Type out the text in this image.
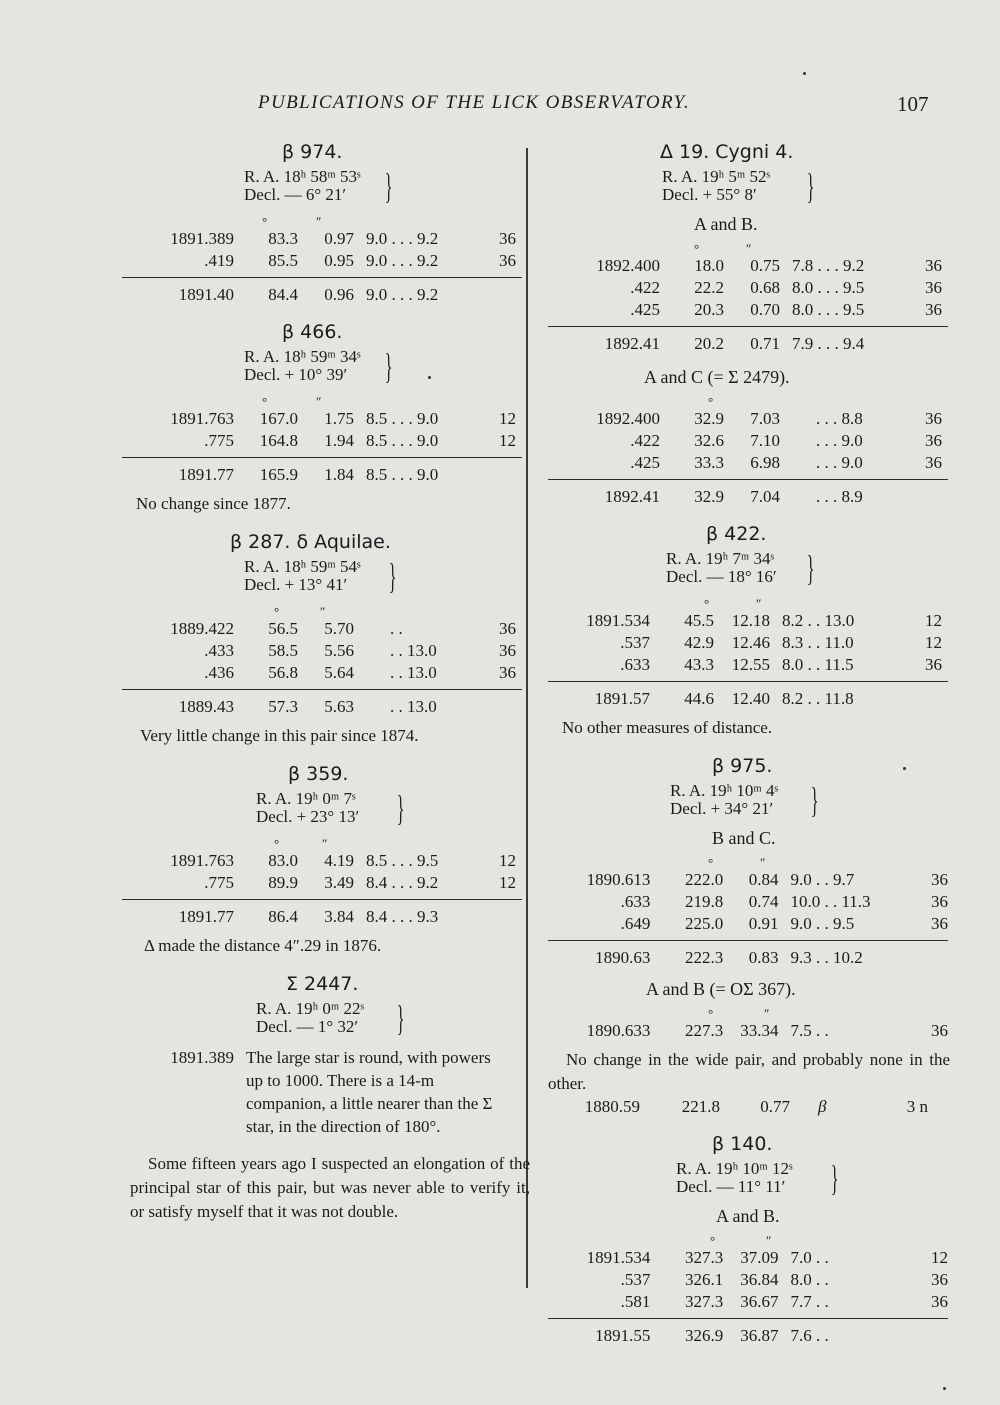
PUBLICATIONS OF THE LICK OBSERVATORY.	107
β 974.
R. A. 18ʰ 58ᵐ 53ˢ
Decl. — 6° 21′	}
°	″
1891.389	83.3	0.97 9.0 . . . 9.2	36
.419	85.5	0.95 9.0 . . . 9.2	36
1891.40	84.4	0.96 9.0 . . . 9.2
β 466.
R. A. 18ʰ 59ᵐ 34ˢ
Decl. + 10° 39′	}
°	″
1891.763	167.0	1.75 8.5 . . . 9.0	12
.775	164.8	1.94 8.5 . . . 9.0	12
1891.77	165.9	1.84 8.5 . . . 9.0
No change since 1877.
β 287. δ Aquilae.
R. A. 18ʰ 59ᵐ 54ˢ
Decl. + 13° 41′	}
°	″
1889.422	56.5	5.70	. .	36
.433	58.5	5.56	. . 13.0	36
.436	56.8	5.64	. . 13.0	36
1889.43	57.3	5.63	. . 13.0
Very little change in this pair since 1874.
β 359.
R. A. 19ʰ 0ᵐ 7ˢ
Decl. + 23° 13′	}
°	″
1891.763	83.0	4.19 8.5 . . . 9.5	12
.775	89.9	3.49 8.4 . . . 9.2	12
1891.77	86.4	3.84 8.4 . . . 9.3
Δ made the distance 4″.29 in 1876.
Σ 2447.
R. A. 19ʰ 0ᵐ 22ˢ
Decl. — 1° 32′	}
1891.389 The large star is round, with powers up to 1000. There is a 14-m companion, a little nearer than the Σ star, in the direction of 180°.
Some fifteen years ago I suspected an elongation of the principal star of this pair, but was never able to verify it, or satisfy myself that it was not double.
Δ 19. Cygni 4.
R. A. 19ʰ 5ᵐ 52ˢ
Decl. + 55° 8′	}
A and B.
°	″
1892.400	18.0	0.75 7.8 . . . 9.2	36
.422	22.2	0.68 8.0 . . . 9.5	36
.425	20.3	0.70 8.0 . . . 9.5	36
1892.41	20.2	0.71 7.9 . . . 9.4
A and C (= Σ 2479).
°
1892.400	32.9	7.03	. . . 8.8	36
.422	32.6	7.10	. . . 9.0	36
.425	33.3	6.98	. . . 9.0	36
1892.41	32.9	7.04	. . . 8.9
β 422.
R. A. 19ʰ 7ᵐ 34ˢ
Decl. — 18° 16′ }
°	″
1891.534	45.5	12.18 8.2 . . 13.0	12
.537	42.9	12.46 8.3 . . 11.0	12
.633	43.3	12.55 8.0 . . 11.5	36
1891.57	44.6	12.40 8.2 . . 11.8
No other measures of distance.
β 975.
R. A. 19ʰ 10ᵐ 4ˢ
Decl. + 34° 21′	}
B and C.
°	″
1890.613	222.0	0.84 9.0 . . 9.7	36
.633	219.8	0.74 10.0 . . 11.3	36
.649	225.0	0.91 9.0 . . 9.5	36
1890.63	222.3	0.83 9.3 . . 10.2
A and B (= OΣ 367).
°	″
1890.633	227.3 33.34 7.5 . .	36
No change in the wide pair, and probably none in the other.
1880.59	221.8	0.77	β	3 n
β 140.
R. A. 19ʰ 10ᵐ 12ˢ
Decl. — 11° 11′	}
A and B.
°	″
1891.534	327.3 37.09 7.0 . .	12
.537	326.1 36.84 8.0 . .	36
.581	327.3 36.67 7.7 . .	36
1891.55	326.9 36.87 7.6 . .
